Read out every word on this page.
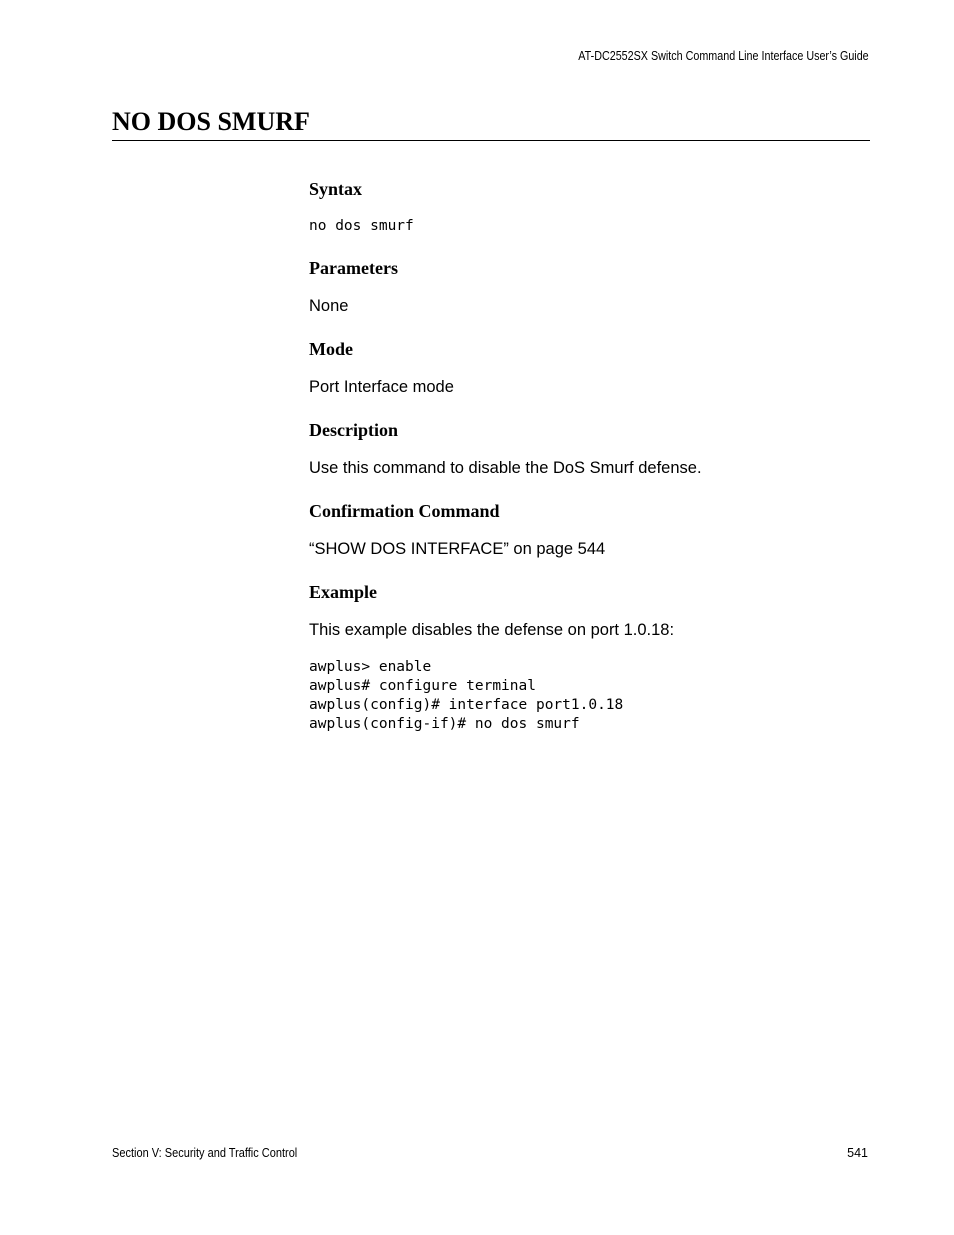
AT-DC2552SX Switch Command Line Interface User’s Guide
NO DOS SMURF
Syntax
no dos smurf
Parameters

None

Mode

Port Interface mode

Description

Use this command to disable the DoS Smurf defense.

Confirmation Command

“SHOW DOS INTERFACE” on page 544

Example

This example disables the defense on port 1.0.18:

awplus> enable
awplus# configure terminal
awplus(config)# interface port1.0.18
awplus(config-if)# no dos smurf
Section V: Security and Traffic Control	541
